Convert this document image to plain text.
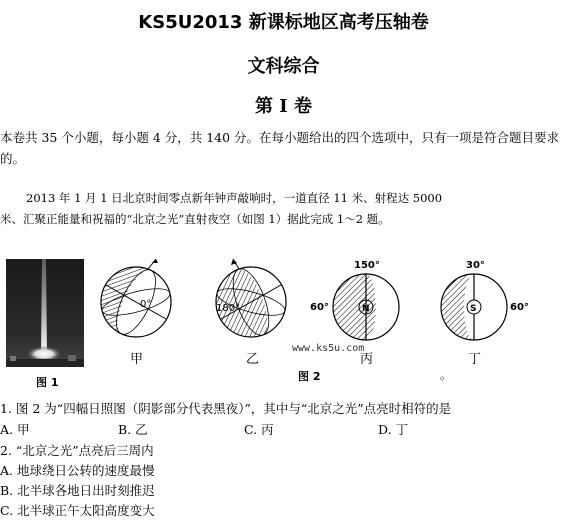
KS5U2013 新课标地区高考压轴卷
文科综合
第 I 卷
本卷共 35 个小题，每小题 4 分，共 140 分。在每小题给出的四个选项中，只有一项是符合题目要求的。
2013 年 1 月 1 日北京时间零点新年钟声敲响时，一道直径 11 米、射程达 5000
米、汇聚正能量和祝福的“北京之光”直射夜空（如图 1）据此完成 1～2 题。
图 1
0°	180°	N
150°
60°	S
30°
60°
甲	乙	丙	丁
www.ks5u.com
图 2	。
1. 图 2 为“四幅日照图（阴影部分代表黑夜）”，其中与“北京之光”点亮时相符的是
A. 甲	B. 乙	C. 丙	D. 丁
2. “北京之光”点亮后三周内
A. 地球绕日公转的速度最慢
B. 北半球各地日出时刻推迟
C. 北半球正午太阳高度变大
